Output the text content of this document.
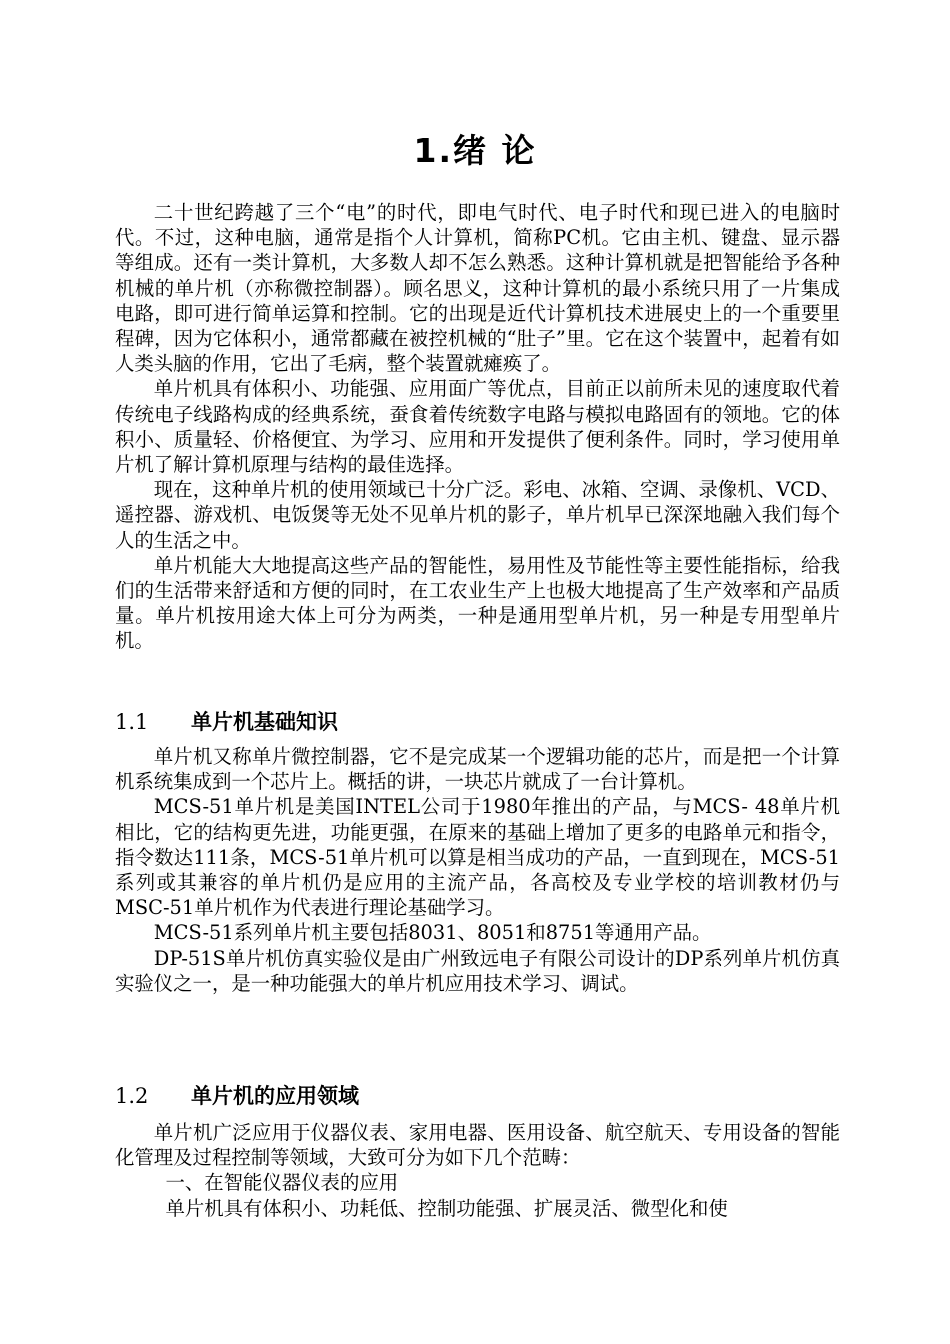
1.绪 论

二十世纪跨越了三个“电”的时代，即电气时代、电子时代和现已进入的电脑时代。不过，这种电脑，通常是指个人计算机，简称PC机。它由主机、键盘、显示器等组成。还有一类计算机，大多数人却不怎么熟悉。这种计算机就是把智能给予各种机械的单片机（亦称微控制器）。顾名思义，这种计算机的最小系统只用了一片集成电路，即可进行简单运算和控制。它的出现是近代计算机技术进展史上的一个重要里程碑，因为它体积小，通常都藏在被控机械的“肚子”里。它在这个装置中，起着有如人类头脑的作用，它出了毛病，整个装置就瘫痪了。

单片机具有体积小、功能强、应用面广等优点，目前正以前所未见的速度取代着传统电子线路构成的经典系统，蚕食着传统数字电路与模拟电路固有的领地。它的体积小、质量轻、价格便宜、为学习、应用和开发提供了便利条件。同时，学习使用单片机了解计算机原理与结构的最佳选择。

现在，这种单片机的使用领域已十分广泛。彩电、冰箱、空调、录像机、VCD、遥控器、游戏机、电饭煲等无处不见单片机的影子，单片机早已深深地融入我们每个人的生活之中。

单片机能大大地提高这些产品的智能性，易用性及节能性等主要性能指标，给我们的生活带来舒适和方便的同时，在工农业生产上也极大地提高了生产效率和产品质量。单片机按用途大体上可分为两类，一种是通用型单片机，另一种是专用型单片机。

1.1 单片机基础知识

单片机又称单片微控制器，它不是完成某一个逻辑功能的芯片，而是把一个计算机系统集成到一个芯片上。概括的讲，一块芯片就成了一台计算机。

MCS-51单片机是美国INTEL公司于1980年推出的产品，与MCS- 48单片机相比，它的结构更先进，功能更强，在原来的基础上增加了更多的电路单元和指令，指令数达111条，MCS-51单片机可以算是相当成功的产品，一直到现在，MCS-51系列或其兼容的单片机仍是应用的主流产品，各高校及专业学校的培训教材仍与MSC-51单片机作为代表进行理论基础学习。

MCS-51系列单片机主要包括8031、8051和8751等通用产品。

DP-51S单片机仿真实验仪是由广州致远电子有限公司设计的DP系列单片机仿真实验仪之一，是一种功能强大的单片机应用技术学习、调试。

1.2 单片机的应用领域

单片机广泛应用于仪器仪表、家用电器、医用设备、航空航天、专用设备的智能化管理及过程控制等领域，大致可分为如下几个范畴：

一、在智能仪器仪表的应用

单片机具有体积小、功耗低、控制功能强、扩展灵活、微型化和使
